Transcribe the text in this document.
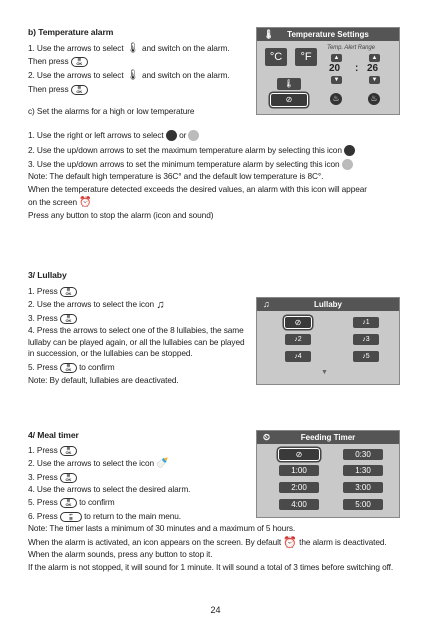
b) Temperature alarm
1. Use the arrows to select 🌡 and switch on the alarm.
Then press	☰
OK
2. Use the arrows to select 🌡 and switch on the alarm.
Then press	☰
OK
c) Set the alarms for a high or low temperature
1. Use the right or left arrows to select or
2. Use the up/down arrows to set the maximum temperature alarm by selecting this icon
3. Use the up/down arrows to set the minimum temperature alarm by selecting this icon
Note: The default high temperature is 36C° and the default low temperature is 8C°.
When the temperature detected exceeds the desired values, an alarm with this icon will appear
on the screen ⏰
Press any button to stop the alarm (icon and sound)
🌡 Temperature Settings
°C	°F
Temp. Alert Range
▲	▲
20 : 26
▼	▼
🌡
⊘	♨	♨
3/ Lullaby
1. Press	☰
OK
2. Use the arrows to select the icon ♫
3. Press	☰
OK
4. Press the arrows to select one of the 8 lullabies, the same
lullaby can be played again, or all the lullabies can be played
in succession, or the lullabies can be stopped.
5. Press	☰
OK to confirm
Note: By default, lullabies are deactivated.
♫	Lullaby
⊘	♪1
♪2	♪3
♪4	♪5
▼
4/ Meal timer
1. Press	☰
OK
2. Use the arrows to select the icon 🍼
3. Press	☰
OK
4. Use the arrows to select the desired alarm.
5. Press	☰
OK to confirm
6. Press	↩
☰	to return to the main menu.
Note: The timer lasts a minimum of 30 minutes and a maximum of 5 hours.
When the alarm is activated, an icon appears on the screen. By default ⏰ the alarm is deactivated.
When the alarm sounds, press any button to stop it.
If the alarm is not stopped, it will sound for 1 minute. It will sound a total of 3 times before switching off.
⏲	Feeding Timer
⊘	0:30
1:00	1:30
2:00	3:00
4:00	5:00
24
